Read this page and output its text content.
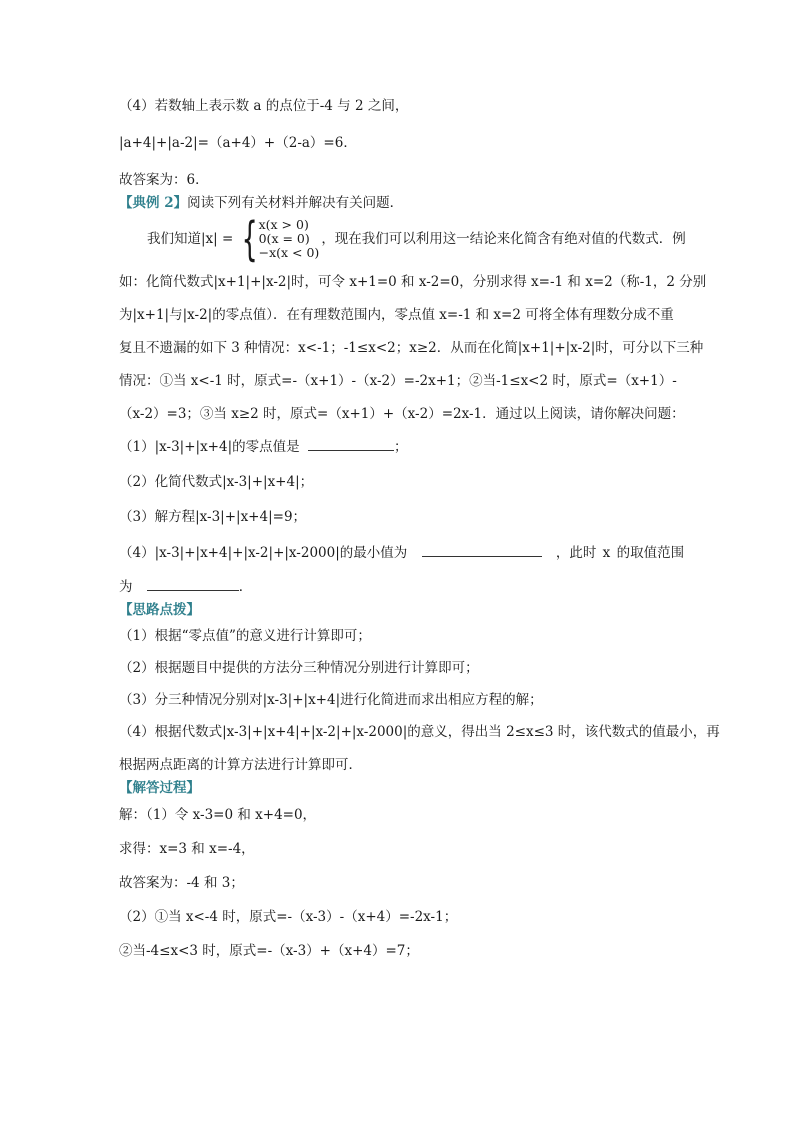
（4）若数轴上表示数 a 的点位于-4 与 2 之间，
|a+4|+|a-2|=（a+4）+（2-a）=6．
故答案为：6．
【典例 2】阅读下列有关材料并解决有关问题．
我们知道|x| = { x(x > 0)
0(x = 0)
−x(x < 0)
，现在我们可以利用这一结论来化简含有绝对值的代数式．例
如：化简代数式|x+1|+|x-2|时，可令 x+1=0 和 x-2=0，分别求得 x=-1 和 x=2（称-1，2 分别
为|x+1|与|x-2|的零点值）．在有理数范围内，零点值 x=-1 和 x=2 可将全体有理数分成不重
复且不遗漏的如下 3 种情况：x<-1；-1≤x<2；x≥2．从而在化简|x+1|+|x-2|时，可分以下三种
情况：①当 x<-1 时，原式=-（x+1）-（x-2）=-2x+1；②当-1≤x<2 时，原式=（x+1）-
（x-2）=3；③当 x≥2 时，原式=（x+1）+（x-2）=2x-1．通过以上阅读，请你解决问题：
（1）|x-3|+|x+4|的零点值是	；
（2）化简代数式|x-3|+|x+4|；
（3）解方程|x-3|+|x+4|=9；
（4）|x-3|+|x+4|+|x-2|+|x-2000|的最小值为	，此时 x 的取值范围
为	．
【思路点拨】
（1）根据“零点值”的意义进行计算即可；
（2）根据题目中提供的方法分三种情况分别进行计算即可；
（3）分三种情况分别对|x-3|+|x+4|进行化简进而求出相应方程的解；
（4）根据代数式|x-3|+|x+4|+|x-2|+|x-2000|的意义，得出当 2≤x≤3 时，该代数式的值最小，再
根据两点距离的计算方法进行计算即可．
【解答过程】
解：（1）令 x-3=0 和 x+4=0，
求得：x=3 和 x=-4，
故答案为：-4 和 3；
（2）①当 x<-4 时，原式=-（x-3）-（x+4）=-2x-1；
②当-4≤x<3 时，原式=-（x-3）+（x+4）=7；
